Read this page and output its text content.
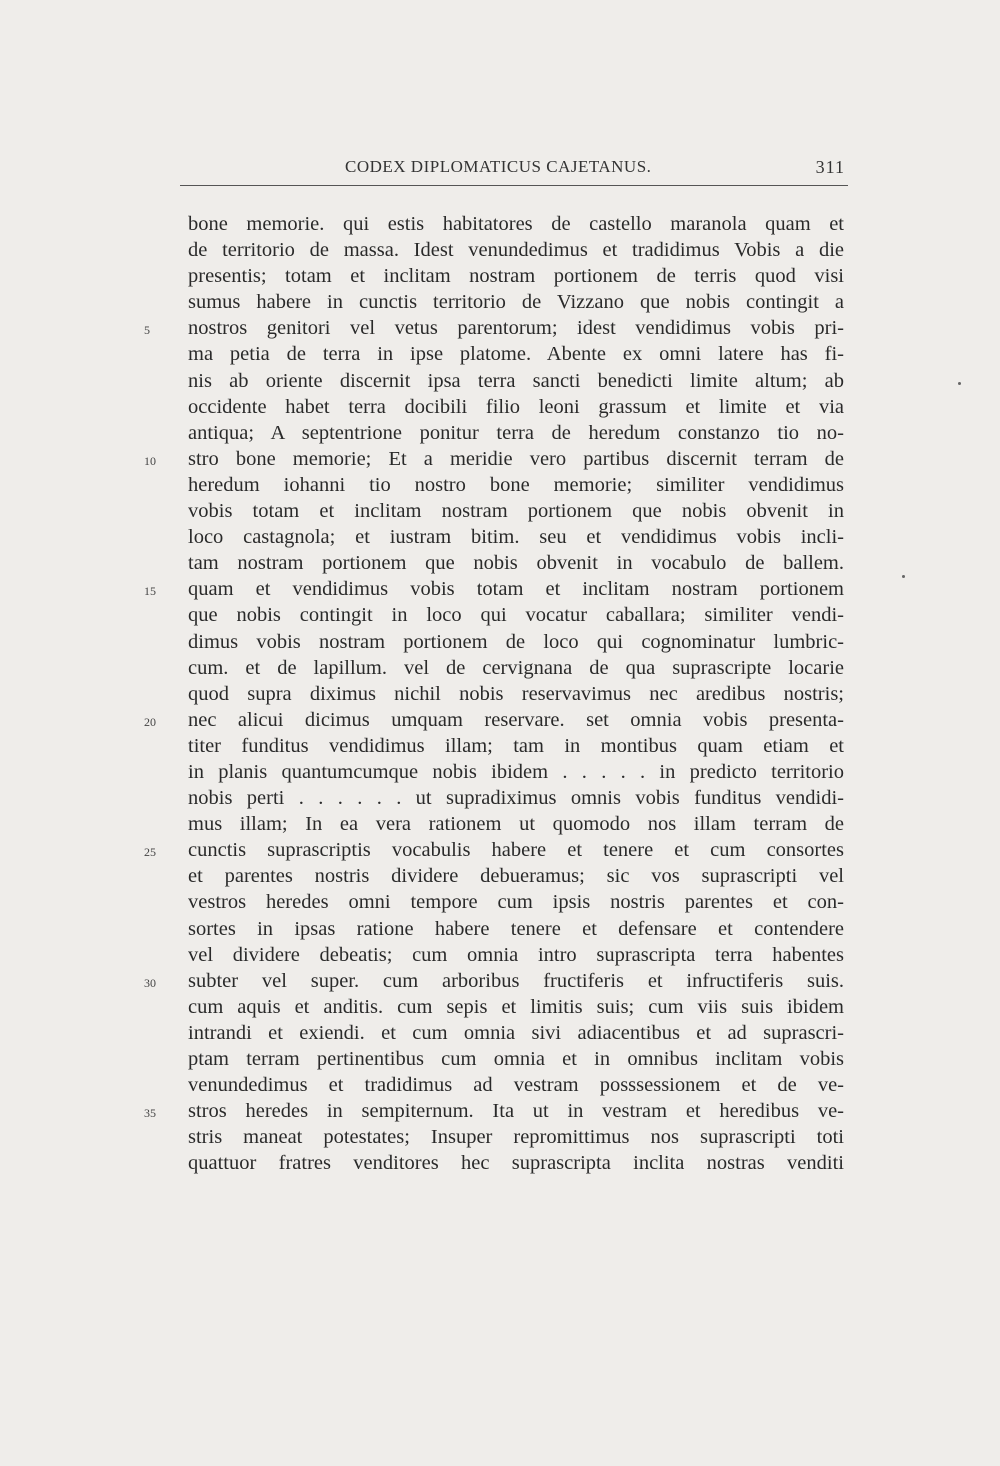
CODEX DIPLOMATICUS CAJETANUS.	311
bone memorie. qui estis habitatores de castello maranola quam et
de territorio de massa. Idest venundedimus et tradidimus Vobis a die
presentis; totam et inclitam nostram portionem de terris quod visi
sumus habere in cunctis territorio de Vizzano que nobis contingit a
5	nostros genitori vel vetus parentorum; idest vendidimus vobis pri-
ma petia de terra in ipse platome. Abente ex omni latere has fi-
nis ab oriente discernit ipsa terra sancti benedicti limite altum; ab
occidente habet terra docibili filio leoni grassum et limite et via
antiqua; A septentrione ponitur terra de heredum constanzo tio no-
10	stro bone memorie; Et a meridie vero partibus discernit terram de
heredum iohanni tio nostro bone memorie; similiter vendidimus
vobis totam et inclitam nostram portionem que nobis obvenit in
loco castagnola; et iustram bitim. seu et vendidimus vobis incli-
tam nostram portionem que nobis obvenit in vocabulo de ballem.
15	quam et vendidimus vobis totam et inclitam nostram portionem
que nobis contingit in loco qui vocatur caballara; similiter vendi-
dimus vobis nostram portionem de loco qui cognominatur lumbric-
cum. et de lapillum. vel de cervignana de qua suprascripte locarie
quod supra diximus nichil nobis reservavimus nec aredibus nostris;
20	nec alicui dicimus umquam reservare. set omnia vobis presenta-
titer funditus vendidimus illam; tam in montibus quam etiam et
in planis quantumcumque nobis ibidem . . . . . in predicto territorio
nobis perti . . . . . . ut supradiximus omnis vobis funditus vendidi-
mus illam; In ea vera rationem ut quomodo nos illam terram de
25	cunctis suprascriptis vocabulis habere et tenere et cum consortes
et parentes nostris dividere debueramus; sic vos suprascripti vel
vestros heredes omni tempore cum ipsis nostris parentes et con-
sortes in ipsas ratione habere tenere et defensare et contendere
vel dividere debeatis; cum omnia intro suprascripta terra habentes
30	subter vel super. cum arboribus fructiferis et infructiferis suis.
cum aquis et anditis. cum sepis et limitis suis; cum viis suis ibidem
intrandi et exiendi. et cum omnia sivi adiacentibus et ad suprascri-
ptam terram pertinentibus cum omnia et in omnibus inclitam vobis
venundedimus et tradidimus ad vestram posssessionem et de ve-
35	stros heredes in sempiternum. Ita ut in vestram et heredibus ve-
stris maneat potestates; Insuper repromittimus nos suprascripti toti
quattuor fratres venditores hec suprascripta inclita nostras venditi
